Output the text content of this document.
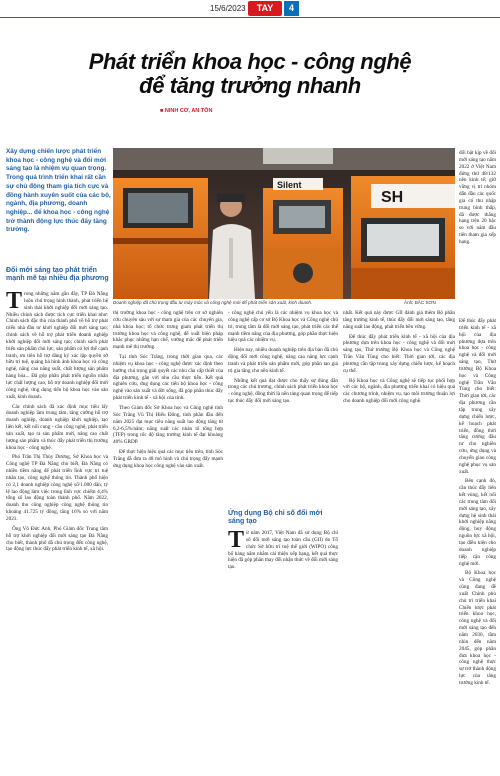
15/6/2023	TAY	4
Phát triển khoa học - công nghệ
để tăng trưởng nhanh
■ NINH CƠ, AN TÔN
Xây dựng chiến lược phát triển khoa học - công nghệ và đổi mới sáng tạo là nhiệm vụ quan trọng. Trong quá trình triển khai rất cần sự chủ động tham gia tích cực và đồng hành xuyên suốt của các bộ, ngành, địa phương, doanh nghiệp... để khoa học - công nghệ trở thành động lực thúc đẩy tăng trưởng.
Đổi mới sáng tạo phát triển mạnh mẽ tại nhiều địa phương
SH
Silent
Doanh nghiệp đã chủ trọng đầu tư máy móc và công nghệ mới để phát triển sản xuất, kinh doanh.	Ảnh: BẮC SƠN

Trong những năm gần đây, TP Đà Nẵng luôn chú trọng hình thành, phát triển hệ sinh thái khởi nghiệp đổi mới sáng tạo. Nhiều chính sách được tích cực triển khai như: Chính sách đặc thù của thành phố về hỗ trợ phát triển nhà đầu tư khởi nghiệp đổi mới sáng tạo; chính sách về hỗ trợ phát triển doanh nghiệp khởi nghiệp đổi mới sáng tạo; chính sách phát triển sản phẩm chủ lực, sản phẩm có lợi thế cạnh tranh, ưu tiên hỗ trợ đăng ký xác lập quyền sở hữu trí tuệ, quảng bá hình ảnh khoa học và công nghệ, nâng cao năng suất, chất lượng sản phẩm hàng hóa... Đã góp phần phát triển nguồn nhân lực chất lượng cao, hỗ trợ doanh nghiệp đổi mới công nghệ, ứng dụng tiến bộ khoa học vào sản xuất, kinh doanh.

Các chính sách đã xác định mục tiêu lấy doanh nghiệp làm trung tâm, tăng cường hỗ trợ doanh nghiệp, doanh nghiệp khởi nghiệp, tạo liên kết, kết nối cung - cầu công nghệ, phát triển sản xuất, tạo ra sản phẩm mới, nâng cao chất lượng sản phẩm và thúc đẩy phát triển thị trường khoa học - công nghệ.

Phó Trần Thị Thủy Dương, Sở Khoa học và Công nghệ TP Đà Nẵng cho biết, Đà Nẵng có nhiều tiềm năng để phát triển lĩnh vực trí tuệ nhân tạo, công nghệ thông tin. Thành phố hiện có 2,1 doanh nghiệp công nghệ số/1.000 dân; tỷ lệ lao động làm việc trong lĩnh vực chiếm 4,4% tổng số lao động toàn thành phố. Năm 2022, doanh thu công nghiệp công nghệ thông tin khoảng 41.725 tỷ đồng, tăng 16% so với năm 2021.

Ông Võ Đức Anh, Phó Giám đốc Trung tâm hỗ trợ khởi nghiệp đổi mới sáng tạo Đà Nẵng cho biết, thành phố đã chú trọng đến công nghệ, tạo động lực thúc đẩy phát triển kinh tế, xã hội.

thị trường khoa học - công nghệ trên cơ sở nghiên cứu chuyên sâu với sự tham gia của các chuyên gia, nhà khoa học; tổ chức trưng giam phát triển thị trường khoa học và công nghệ, để xuất biện pháp khắc phục những hạn chế, vướng mắc để phát triển mạnh mẽ thị trường.

Tại tỉnh Sóc Trăng, trong thời gian qua, các nhiệm vụ khoa học - công nghệ được xác định theo hướng chú trọng giải quyết các nhu cầu cấp thiết của địa phương, gắn với nhu cầu thực tiễn. Kết quả nghiên cứu, ứng dụng các tiến bộ khoa học - công nghệ vào sản xuất và đời sống, đã góp phần thúc đẩy phát triển kinh tế - xã hội của tỉnh.

Theo Giám đốc Sở Khoa học và Công nghệ tỉnh Sóc Trăng Vũ Thị Hiếu Đông, tính phần đầu đến năm 2025 đạt mục tiêu năng suất lao động tăng từ 6,2-6,5%/năm; năng suất các nhân tố tổng hợp (TFP) trong tốc độ tăng trưởng kinh tế đạt khoảng 40% GRDP.

Để thực hiện hiệu quả các mục tiêu trên, tỉnh Sóc Trăng đã đưa ra 48 mô hình và chú trọng đẩy mạnh ứng dụng khoa học công nghệ vào sản xuất.

- công nghệ chủ yếu là các nhiệm vụ khoa học và công nghệ cấp cơ sở Bộ Khoa học và Công nghệ chủ trì, trong tâm là đổi mới sáng tạo, phát triển các thể mạnh tiềm năng của địa phương, góp phần thực hiện hiệu quả các nhiệm vụ.

Hiện nay, nhiều doanh nghiệp trên địa bàn đã chủ động đổi mới công nghệ, nâng cao năng lực cạnh tranh và phát triển sản phẩm mới, góp phần tạo giá trị gia tăng cho nền kinh tế.

Những kết quả đạt được cho thấy sự đúng đắn trong các chủ trương, chính sách phát triển khoa học - công nghệ, đồng thời là nền tảng quan trọng để tiếp tục thúc đẩy đổi mới sáng tạo.

Ứng dụng Bộ chỉ số đổi mới sáng tạo

Từ năm 2017, Việt Nam đã sử dụng Bộ chỉ số đổi mới sáng tạo toàn cầu (GII) do Tổ chức Sở hữu trí tuệ thế giới (WIPO) công bố hàng năm nhằm cải thiện xếp hạng, kết quả thực hiện đã góp phần thay đổi nhận thức về đổi mới sáng tạo.

nhất. Kết quả này được GII đánh giá thêm Bộ phần tăng trưởng kinh tế, thúc đẩy đổi mới sáng tạo, tăng năng suất lao động, phát triển bền vững.

Để thúc đẩy phát triển kinh tế - xã hội của địa phương dựa trên khoa học - công nghệ và đổi mới sáng tạo, Thứ trưởng Bộ Khoa học và Công nghệ Trần Văn Tùng cho biết: Thời gian tới, các địa phương cần tập trung xây dựng chiến lược, kế hoạch cụ thể.

Bộ Khoa học và Công nghệ sẽ tiếp tục phối hợp với các bộ, ngành, địa phương triển khai có hiệu quả các chương trình, nhiệm vụ, tạo môi trường thuận lợi cho doanh nghiệp đổi mới công nghệ.

đổi bật kịp về đổi mới sáng tạo năm 2022 ở Việt Nam đứng thứ 48/132 nền kinh tế; giữ vững vị trí nhóm dẫn đầu các quốc gia có thu nhập trung bình thấp, đã được thăng hạng trên 20 bậc so với năm đầu tiên tham gia xếp hạng.

Để thúc đẩy phát triển kinh tế - xã hội của địa phương dựa trên khoa học - công nghệ và đổi mới sáng tạo, Thứ trưởng Bộ Khoa học và Công nghệ Trần Văn Tùng cho biết: Thời gian tới, các địa phương cần tập trung xây dựng chiến lược, kế hoạch phát triển, đồng thời tăng cường đầu tư cho nghiên cứu, ứng dụng và chuyển giao công nghệ phục vụ sản xuất.

Bên cạnh đó, cần thúc đẩy liên kết vùng, kết nối các trung tâm đổi mới sáng tạo, xây dựng hệ sinh thái khởi nghiệp năng động, huy động nguồn lực xã hội, tạo điều kiện cho doanh nghiệp tiếp cận công nghệ mới.

Bộ Khoa học và Công nghệ cũng đang đề xuất Chính phủ chủ trì triển khai Chiến lược phát triển khoa học, công nghệ và đổi mới sáng tạo đến năm 2030, tầm nhìn đến năm 2045, góp phần đưa khoa học - công nghệ thực sự trở thành động lực của tăng trưởng kinh tế.
